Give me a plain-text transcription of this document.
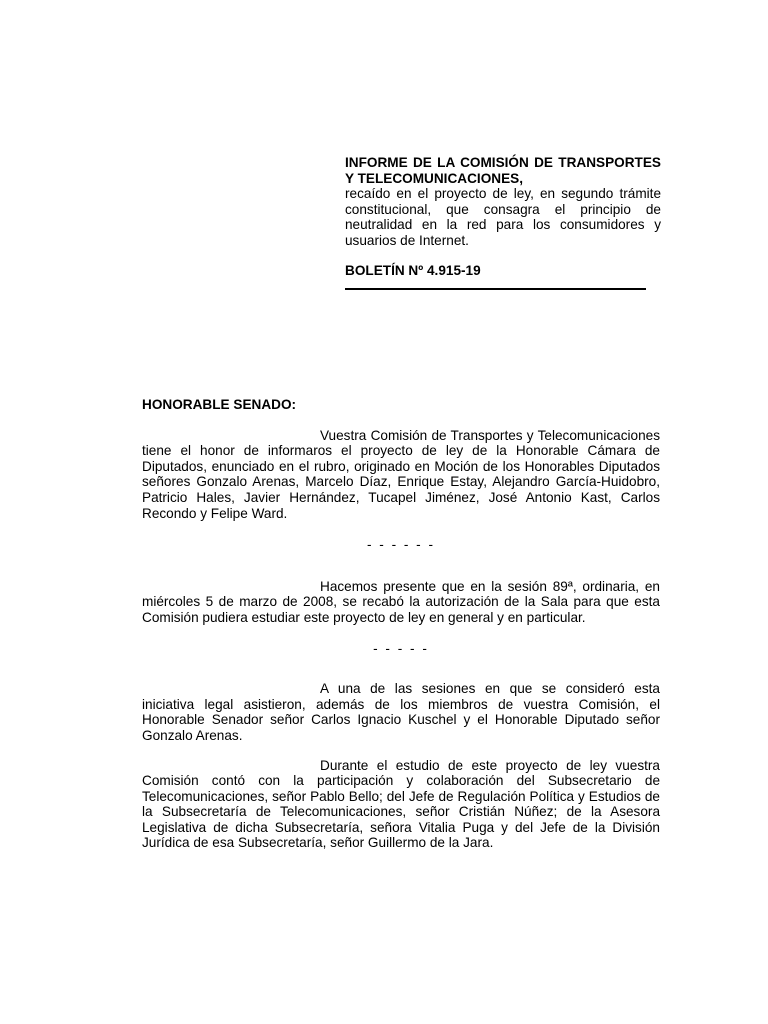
INFORME DE LA COMISIÓN DE TRANSPORTES Y TELECOMUNICACIONES,
recaído en el proyecto de ley, en segundo trámite constitucional, que consagra el principio de neutralidad en la red para los consumidores y usuarios de Internet.
BOLETÍN Nº 4.915-19
HONORABLE SENADO:

Vuestra Comisión de Transportes y Telecomunicaciones tiene el honor de informaros el proyecto de ley de la Honorable Cámara de Diputados, enunciado en el rubro, originado en Moción de los Honorables Diputados señores Gonzalo Arenas, Marcelo Díaz, Enrique Estay, Alejandro García-Huidobro, Patricio Hales, Javier Hernández, Tucapel Jiménez, José Antonio Kast, Carlos Recondo y Felipe Ward.

- - - - - -

Hacemos presente que en la sesión 89ª, ordinaria, en miércoles 5 de marzo de 2008, se recabó la autorización de la Sala para que esta Comisión pudiera estudiar este proyecto de ley en general y en particular.

- - - - -

A una de las sesiones en que se consideró esta iniciativa legal asistieron, además de los miembros de vuestra Comisión, el Honorable Senador señor Carlos Ignacio Kuschel y el Honorable Diputado señor Gonzalo Arenas.

Durante el estudio de este proyecto de ley vuestra Comisión contó con la participación y colaboración del Subsecretario de Telecomunicaciones, señor Pablo Bello; del Jefe de Regulación Política y Estudios de la Subsecretaría de Telecomunicaciones, señor Cristián Núñez; de la Asesora Legislativa de dicha Subsecretaría, señora Vitalia Puga y del Jefe de la División Jurídica de esa Subsecretaría, señor Guillermo de la Jara.
